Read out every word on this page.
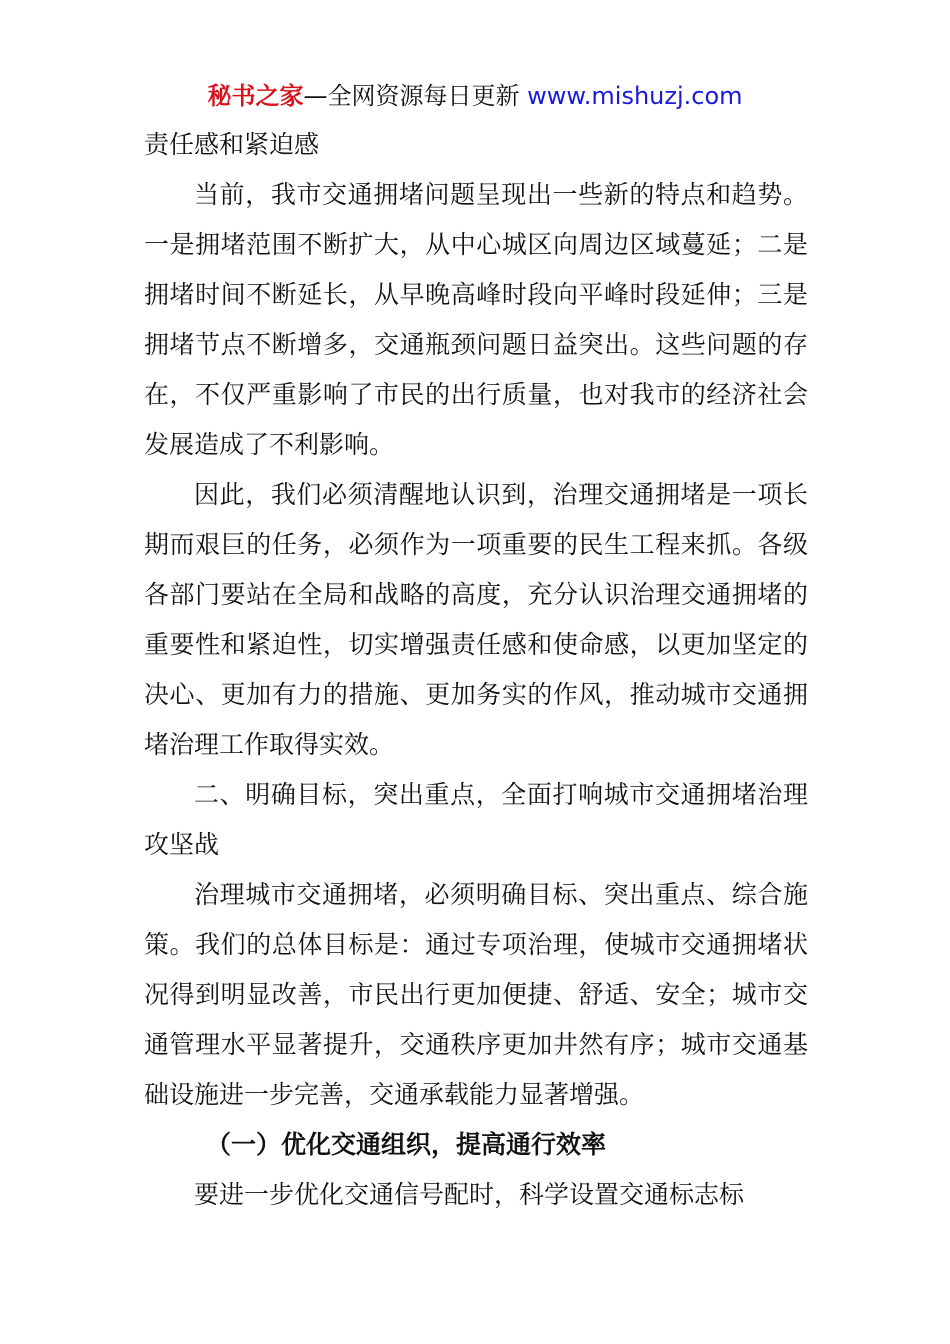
秘书之家—全网资源每日更新 www.mishuzj.com

责任感和紧迫感

当前，我市交通拥堵问题呈现出一些新的特点和趋势。一是拥堵范围不断扩大，从中心城区向周边区域蔓延；二是拥堵时间不断延长，从早晚高峰时段向平峰时段延伸；三是拥堵节点不断增多，交通瓶颈问题日益突出。这些问题的存在，不仅严重影响了市民的出行质量，也对我市的经济社会发展造成了不利影响。

因此，我们必须清醒地认识到，治理交通拥堵是一项长期而艰巨的任务，必须作为一项重要的民生工程来抓。各级各部门要站在全局和战略的高度，充分认识治理交通拥堵的重要性和紧迫性，切实增强责任感和使命感，以更加坚定的决心、更加有力的措施、更加务实的作风，推动城市交通拥堵治理工作取得实效。

二、明确目标，突出重点，全面打响城市交通拥堵治理攻坚战

治理城市交通拥堵，必须明确目标、突出重点、综合施策。我们的总体目标是：通过专项治理，使城市交通拥堵状况得到明显改善，市民出行更加便捷、舒适、安全；城市交通管理水平显著提升，交通秩序更加井然有序；城市交通基础设施进一步完善，交通承载能力显著增强。

（一）优化交通组织，提高通行效率

要进一步优化交通信号配时，科学设置交通标志标
